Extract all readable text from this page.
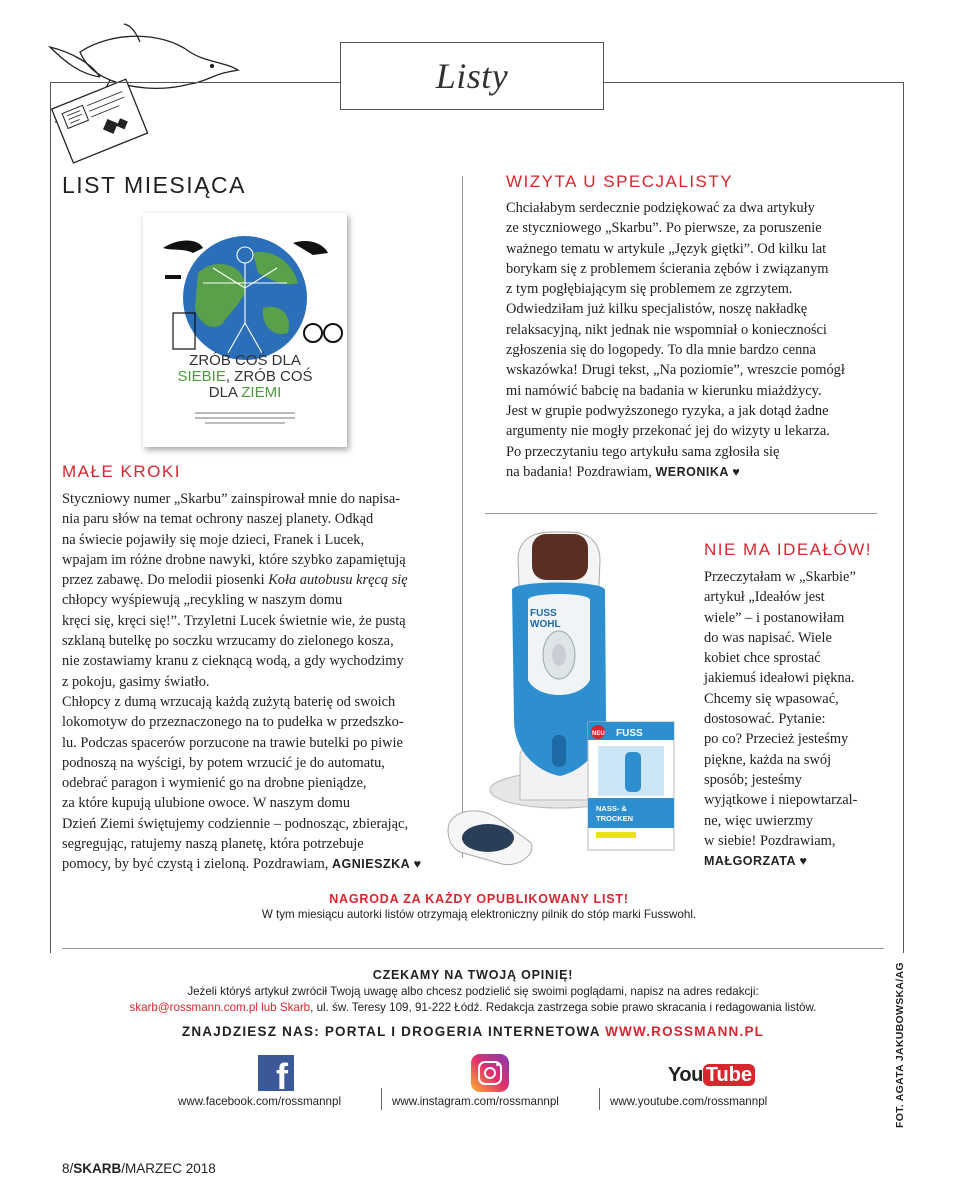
Listy
LIST MIESIĄCA
ZRÓB COŚ DLA
SIEBIE, ZRÓB COŚ
DLA ZIEMI
MAŁE KROKI
Styczniowy numer „Skarbu” zainspirował mnie do napisa-
nia paru słów na temat ochrony naszej planety. Odkąd
na świecie pojawiły się moje dzieci, Franek i Lucek,
wpajam im różne drobne nawyki, które szybko zapamiętują
przez zabawę. Do melodii piosenki Koła autobusu kręcą się
chłopcy wyśpiewują „recykling w naszym domu
kręci się, kręci się!”. Trzyletni Lucek świetnie wie, że pustą
szklaną butelkę po soczku wrzucamy do zielonego kosza,
nie zostawiamy kranu z cieknącą wodą, a gdy wychodzimy
z pokoju, gasimy światło.
Chłopcy z dumą wrzucają każdą zużytą baterię od swoich
lokomotyw do przeznaczonego na to pudełka w przedszko-
lu. Podczas spacerów porzucone na trawie butelki po piwie
podnoszą na wyścigi, by potem wrzucić je do automatu,
odebrać paragon i wymienić go na drobne pieniądze,
za które kupują ulubione owoce. W naszym domu
Dzień Ziemi świętujemy codziennie – podnosząc, zbierając,
segregując, ratujemy naszą planetę, która potrzebuje
pomocy, by być czystą i zieloną. Pozdrawiam, AGNIESZKA ♥
WIZYTA U SPECJALISTY
Chciałabym serdecznie podziękować za dwa artykuły
ze styczniowego „Skarbu”. Po pierwsze, za poruszenie
ważnego tematu w artykule „Język giętki”. Od kilku lat
borykam się z problemem ścierania zębów i związanym
z tym pogłębiającym się problemem ze zgrzytem.
Odwiedziłam już kilku specjalistów, noszę nakładkę
relaksacyjną, nikt jednak nie wspomniał o konieczności
zgłoszenia się do logopedy. To dla mnie bardzo cenna
wskazówka! Drugi tekst, „Na poziomie”, wreszcie pomógł
mi namówić babcię na badania w kierunku miażdżycy.
Jest w grupie podwyższonego ryzyka, a jak dotąd żadne
argumenty nie mogły przekonać jej do wizyty u lekarza.
Po przeczytaniu tego artykułu sama zgłosiła się
na badania! Pozdrawiam, WERONIKA ♥
FUSS
WOHL
FUSS
NEU
NASS- &
TROCKEN
NIE MA IDEAŁÓW!
Przeczytałam w „Skarbie”
artykuł „Ideałów jest
wiele” – i postanowiłam
do was napisać. Wiele
kobiet chce sprostać
jakiemuś ideałowi piękna.
Chcemy się wpasować,
dostosować. Pytanie:
po co? Przecież jesteśmy
piękne, każda na swój
sposób; jesteśmy
wyjątkowe i niepowtarzal-
ne, więc uwierzmy
w siebie! Pozdrawiam,
MAŁGORZATA ♥
NAGRODA ZA KAŻDY OPUBLIKOWANY LIST!
W tym miesiącu autorki listów otrzymają elektroniczny pilnik do stóp marki Fusswohl.
CZEKAMY NA TWOJĄ OPINIĘ!
Jeżeli któryś artykuł zwrócił Twoją uwagę albo chcesz podzielić się swoimi poglądami, napisz na adres redakcji:
skarb@rossmann.com.pl lub Skarb, ul. św. Teresy 109, 91-222 Łódź. Redakcja zastrzega sobie prawo skracania i redagowania listów.
ZNAJDZIESZ NAS: PORTAL I DROGERIA INTERNETOWA WWW.ROSSMANN.PL
f
www.facebook.com/rossmannpl	www.instagram.com/rossmannpl
You Tube
www.youtube.com/rossmannpl	FOT. AGATA JAKUBOWSKA/AG
8/SKARB/MARZEC 2018
